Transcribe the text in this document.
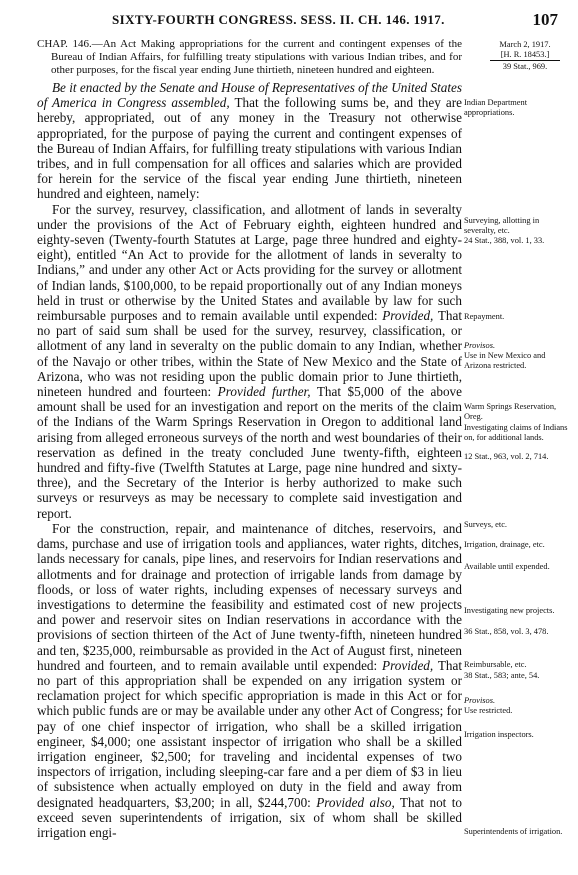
SIXTY-FOURTH CONGRESS. SESS. II. CH. 146. 1917.	107
March 2, 1917.
[H. R. 18453.]
39 Stat., 969.

CHAP. 146.—An Act Making appropriations for the current and contingent expenses of the Bureau of Indian Affairs, for fulfilling treaty stipulations with various Indian tribes, and for other purposes, for the fiscal year ending June thirtieth, nineteen hundred and eighteen.

Be it enacted by the Senate and House of Representatives of the United States of America in Congress assembled, That the following sums be, and they are hereby, appropriated, out of any money in the Treasury not otherwise appropriated, for the purpose of paying the current and contingent expenses of the Bureau of Indian Affairs, for fulfilling treaty stipulations with various Indian tribes, and in full compensation for all offices and salaries which are provided for herein for the service of the fiscal year ending June thirtieth, nineteen hundred and eighteen, namely:

For the survey, resurvey, classification, and allotment of lands in severalty under the provisions of the Act of February eighth, eighteen hundred and eighty-seven (Twenty-fourth Statutes at Large, page three hundred and eighty-eight), entitled “An Act to provide for the allotment of lands in severalty to Indians,” and under any other Act or Acts providing for the survey or allotment of Indian lands, $100,000, to be repaid proportionally out of any Indian moneys held in trust or otherwise by the United States and available by law for such reimbursable purposes and to remain available until expended: Provided, That no part of said sum shall be used for the survey, resurvey, classification, or allotment of any land in severalty on the public domain to any Indian, whether of the Navajo or other tribes, within the State of New Mexico and the State of Arizona, who was not residing upon the public domain prior to June thirtieth, nineteen hundred and fourteen: Provided further, That $5,000 of the above amount shall be used for an investigation and report on the merits of the claim of the Indians of the Warm Springs Reservation in Oregon to additional land arising from alleged erroneous surveys of the north and west boundaries of their reservation as defined in the treaty concluded June twenty-fifth, eighteen hundred and fifty-five (Twelfth Statutes at Large, page nine hundred and sixty-three), and the Secretary of the Interior is herby authorized to make such surveys or resurveys as may be necessary to complete said investigation and report.

For the construction, repair, and maintenance of ditches, reservoirs, and dams, purchase and use of irrigation tools and appliances, water rights, ditches, lands necessary for canals, pipe lines, and reservoirs for Indian reservations and allotments and for drainage and protection of irrigable lands from damage by floods, or loss of water rights, including expenses of necessary surveys and investigations to determine the feasibility and estimated cost of new projects and power and reservoir sites on Indian reservations in accordance with the provisions of section thirteen of the Act of June twenty-fifth, nineteen hundred and ten, $235,000, reimbursable as provided in the Act of August first, nineteen hundred and fourteen, and to remain available until expended: Provided, That no part of this appropriation shall be expended on any irrigation system or reclamation project for which specific appropriation is made in this Act or for which public funds are or may be available under any other Act of Congress; for pay of one chief inspector of irrigation, who shall be a skilled irrigation engineer, $4,000; one assistant inspector of irrigation who shall be a skilled irrigation engineer, $2,500; for traveling and incidental expenses of two inspectors of irrigation, including sleeping-car fare and a per diem of $3 in lieu of subsistence when actually employed on duty in the field and away from designated headquarters, $3,200; in all, $244,700: Provided also, That not to exceed seven superintendents of irrigation, six of whom shall be skilled irrigation engi-

Indian Department appropriations.
Surveying, allotting in severalty, etc.
24 Stat., 388, vol. 1, 33.
Repayment.
Provisos.
Use in New Mexico and Arizona restricted.
Warm Springs Reservation, Oreg.
Investigating claims of Indians on, for additional lands.
12 Stat., 963, vol. 2, 714.
Surveys, etc.
Irrigation, drainage, etc.
Available until expended.
Investigating new projects.
36 Stat., 858, vol. 3, 478.
Reimbursable, etc.
38 Stat., 583; ante, 54.
Provisos.
Use restricted.
Irrigation inspectors.
Superintendents of irrigation.
